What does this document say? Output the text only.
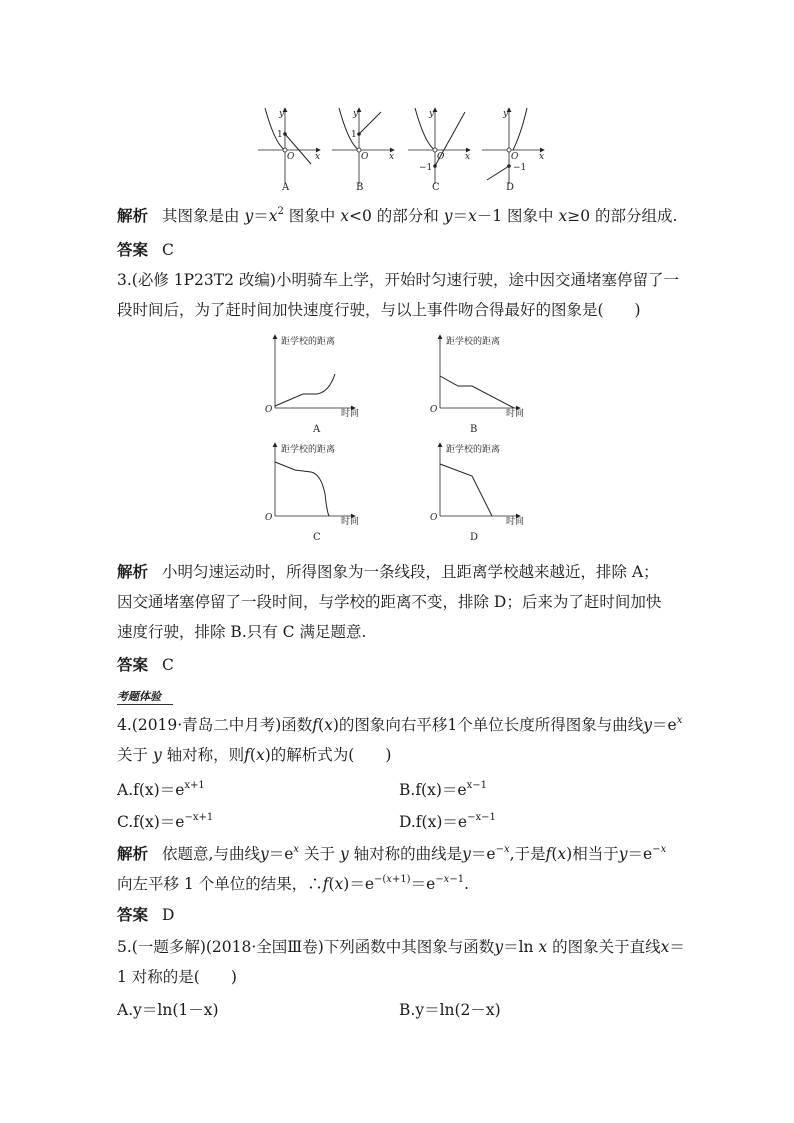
y
1
O x
A
y
1
O x
B
y
−1
O x
C
y
−1
O x
D
解析 其图象是由 $y=x^2$ 图象中 x<0 的部分和 y＝x－1 图象中 x≥0 的部分组成.
答案 C
3.(必修 1P23T2 改编)小明骑车上学，开始时匀速行驶，途中因交通堵塞停留了一
段时间后，为了赶时间加快速度行驶，与以上事件吻合得最好的图象是(　　)
距学校的距离
时间
O
A
距学校的距离
时间
O
B
距学校的距离
时间
O
C
距学校的距离
时间
O
D
解析 小明匀速运动时，所得图象为一条线段，且距离学校越来越近，排除 A；
因交通堵塞停留了一段时间，与学校的距离不变，排除 D；后来为了赶时间加快
速度行驶，排除 B.只有 C 满足题意.
答案 C
考题体验
4.(2019·青岛二中月考)函数f(x)的图象向右平移1个单位长度所得图象与曲线$y=e^x$
关于 y 轴对称，则f(x)的解析式为(　　)
$A.f(x)=e^{x+1}$	$B.f(x)=e^{x-1}$
$C.f(x)=e^{-x+1}$	$D.f(x)=e^{-x-1}$
解析 依题意,与曲线$y=e^x$ 关于 y 轴对称的曲线是$y=e^{-x}$,于是f(x)相当于$y=e^{-x}$
向左平移 1 个单位的结果，$\therefore f(x)=e^{-(x+1)}=e^{-x-1}$.
答案 D
5.(一题多解)(2018·全国Ⅲ卷)下列函数中其图象与函数y＝ln x 的图象关于直线x＝
1 对称的是(　　)
A.y＝ln(1－x)	B.y＝ln(2－x)
